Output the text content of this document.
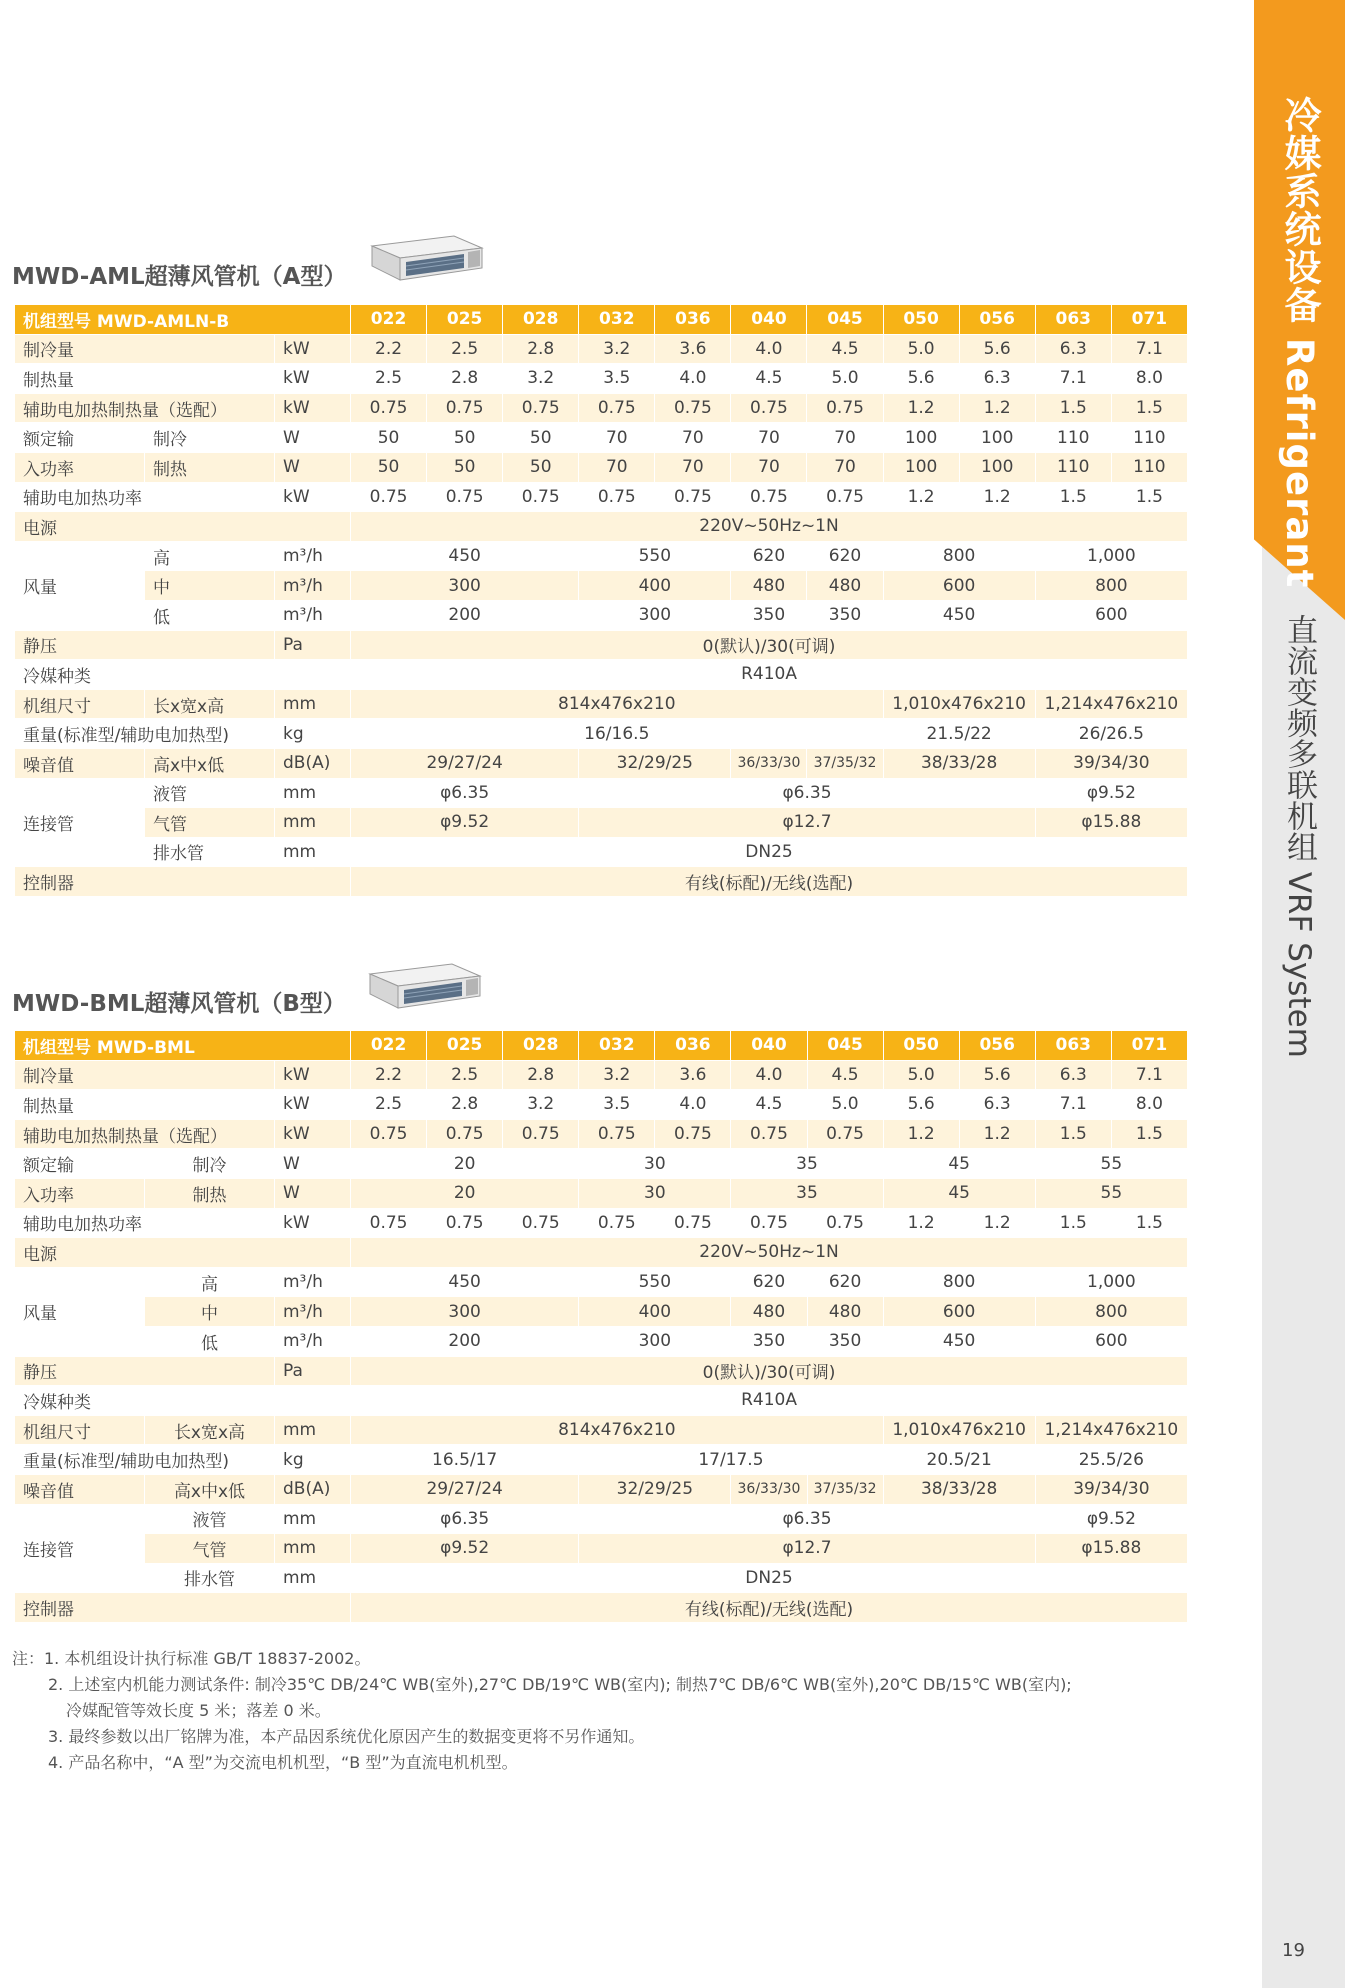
冷媒系统设备 Refrigerant
直流变频多联机组 VRF System
19
MWD-AML超薄风管机（A型）
机组型号 MWD-AMLN-B			022	025	028	032	036	040	045	050	056	063	071
制冷量		kW	2.2	2.5	2.8	3.2	3.6	4.0	4.5	5.0	5.6	6.3	7.1
制热量		kW	2.5	2.8	3.2	3.5	4.0	4.5	5.0	5.6	6.3	7.1	8.0
辅助电加热制热量（选配）		kW	0.75	0.75	0.75	0.75	0.75	0.75	0.75	1.2	1.2	1.5	1.5
额定输	制冷	W	50	50	50	70	70	70	70	100	100	110	110
入功率	制热	W	50	50	50	70	70	70	70	100	100	110	110
辅助电加热功率		kW	0.75	0.75	0.75	0.75	0.75	0.75	0.75	1.2	1.2	1.5	1.5
电源			220V~50Hz~1N										
风量	高	m³/h	450			550		620	620	800		1,000	
	中	m³/h	300			400		480	480	600		800	
	低	m³/h	200			300		350	350	450		600	
静压		Pa	0(默认)/30(可调)										
冷媒种类			R410A										
机组尺寸	长x宽x高	mm	814x476x210							1,010x476x210		1,214x476x210	
重量(标准型/辅助电加热型)		kg	16/16.5							21.5/22		26/26.5	
噪音值	高x中x低	dB(A)	29/27/24			32/29/25		36/33/30	37/35/32	38/33/28		39/34/30	
连接管	液管	mm	φ6.35			φ6.35						φ9.52	
	气管	mm	φ9.52			φ12.7						φ15.88	
	排水管	mm	DN25										
控制器			有线(标配)/无线(选配)										
MWD-BML超薄风管机（B型）
机组型号 MWD-BML			022	025	028	032	036	040	045	050	056	063	071
制冷量		kW	2.2	2.5	2.8	3.2	3.6	4.0	4.5	5.0	5.6	6.3	7.1
制热量		kW	2.5	2.8	3.2	3.5	4.0	4.5	5.0	5.6	6.3	7.1	8.0
辅助电加热制热量（选配）		kW	0.75	0.75	0.75	0.75	0.75	0.75	0.75	1.2	1.2	1.5	1.5
额定输	制冷	W	20			30		35		45		55	
入功率	制热	W	20			30		35		45		55	
辅助电加热功率		kW	0.75	0.75	0.75	0.75	0.75	0.75	0.75	1.2	1.2	1.5	1.5
电源			220V~50Hz~1N										
风量	高	m³/h	450			550		620	620	800		1,000	
	中	m³/h	300			400		480	480	600		800	
	低	m³/h	200			300		350	350	450		600	
静压		Pa	0(默认)/30(可调)										
冷媒种类			R410A										
机组尺寸	长x宽x高	mm	814x476x210							1,010x476x210		1,214x476x210	
重量(标准型/辅助电加热型)		kg	16.5/17			17/17.5				20.5/21		25.5/26	
噪音值	高x中x低	dB(A)	29/27/24			32/29/25		36/33/30	37/35/32	38/33/28		39/34/30	
连接管	液管	mm	φ6.35			φ6.35						φ9.52	
	气管	mm	φ9.52			φ12.7						φ15.88	
	排水管	mm	DN25										
控制器			有线(标配)/无线(选配)										
注：1. 本机组设计执行标准 GB/T 18837-2002。
2. 上述室内机能力测试条件: 制冷35℃ DB/24℃ WB(室外),27℃ DB/19℃ WB(室内); 制热7℃ DB/6℃ WB(室外),20℃ DB/15℃ WB(室内);
冷媒配管等效长度 5 米；落差 0 米。
3. 最终参数以出厂铭牌为准，本产品因系统优化原因产生的数据变更将不另作通知。
4. 产品名称中，“A 型”为交流电机机型，“B 型”为直流电机机型。
